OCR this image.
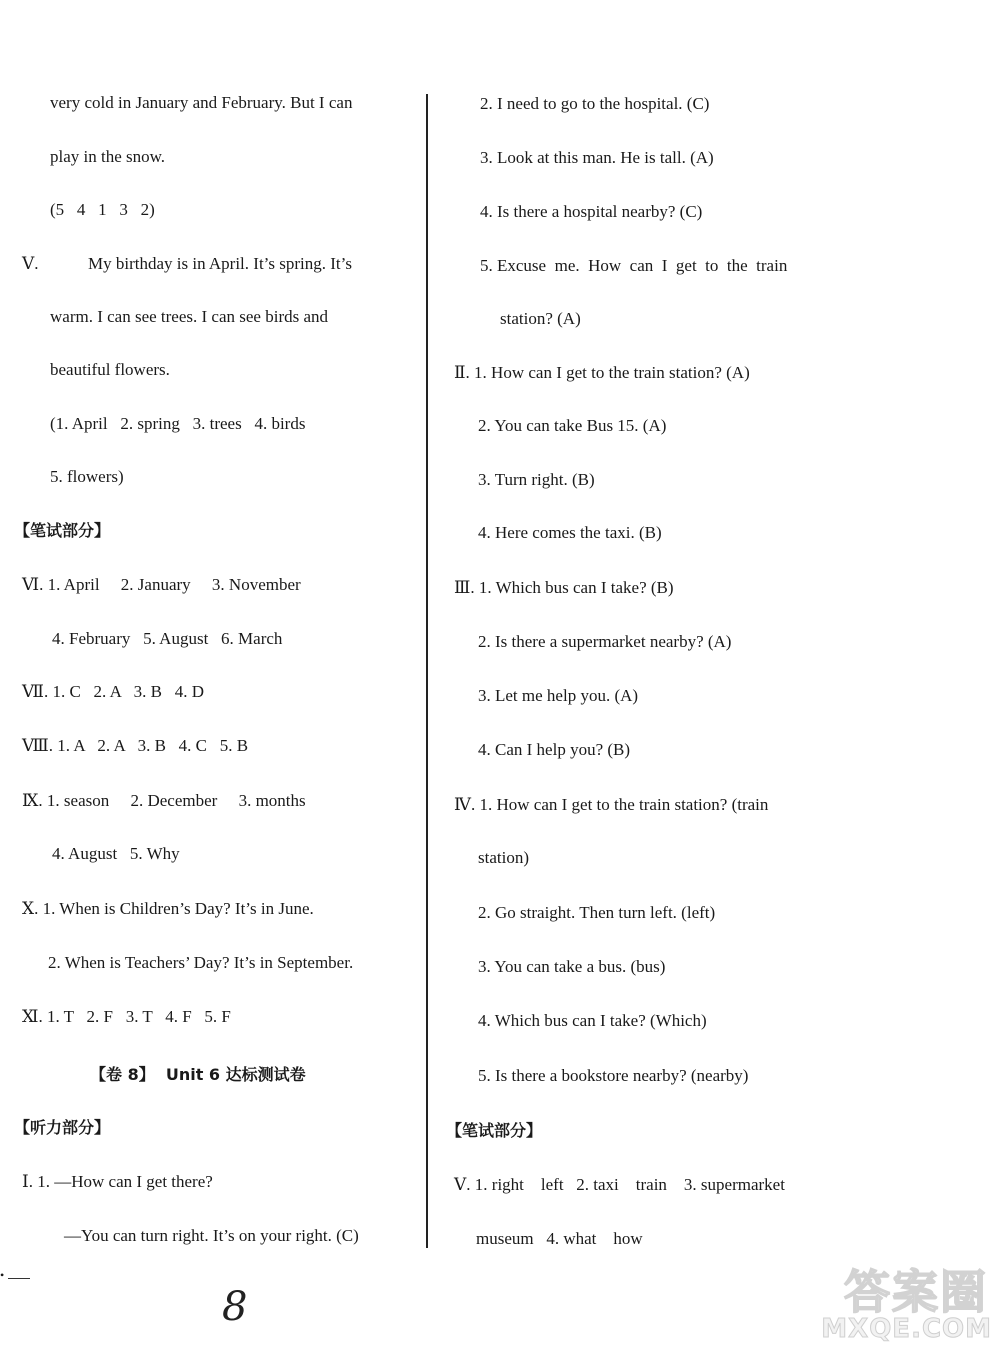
very cold in January and February. But I can
play in the snow.
(5   4   1   3   2)
Ⅴ.	My birthday is in April. It’s spring. It’s
warm. I can see trees. I can see birds and
beautiful flowers.
(1. April   2. spring   3. trees   4. birds
5. flowers)
【笔试部分】
Ⅵ. 1. April     2. January     3. November
4. February   5. August   6. March
Ⅶ. 1. C   2. A   3. B   4. D
Ⅷ. 1. A   2. A   3. B   4. C   5. B
Ⅸ. 1. season     2. December     3. months
4. August   5. Why
Ⅹ. 1. When is Children’s Day? It’s in June.
2. When is Teachers’ Day? It’s in September.
Ⅺ. 1. T   2. F   3. T   4. F   5. F
【卷 8】  Unit 6 达标测试卷
【听力部分】
Ⅰ. 1. —How can I get there?
—You can turn right. It’s on your right. (C)
2. I need to go to the hospital. (C)
3. Look at this man. He is tall. (A)
4. Is there a hospital nearby? (C)
5. Excuse  me.  How  can  I  get  to  the  train
station? (A)
Ⅱ. 1. How can I get to the train station? (A)
2. You can take Bus 15. (A)
3. Turn right. (B)
4. Here comes the taxi. (B)
Ⅲ. 1. Which bus can I take? (B)
2. Is there a supermarket nearby? (A)
3. Let me help you. (A)
4. Can I help you? (B)
Ⅳ. 1. How can I get to the train station? (train
station)
2. Go straight. Then turn left. (left)
3. You can take a bus. (bus)
4. Which bus can I take? (Which)
5. Is there a bookstore nearby? (nearby)
【笔试部分】
Ⅴ. 1. right    left   2. taxi    train    3. supermarket
museum   4. what    how
•
8	答案圈
MXQE.COM
